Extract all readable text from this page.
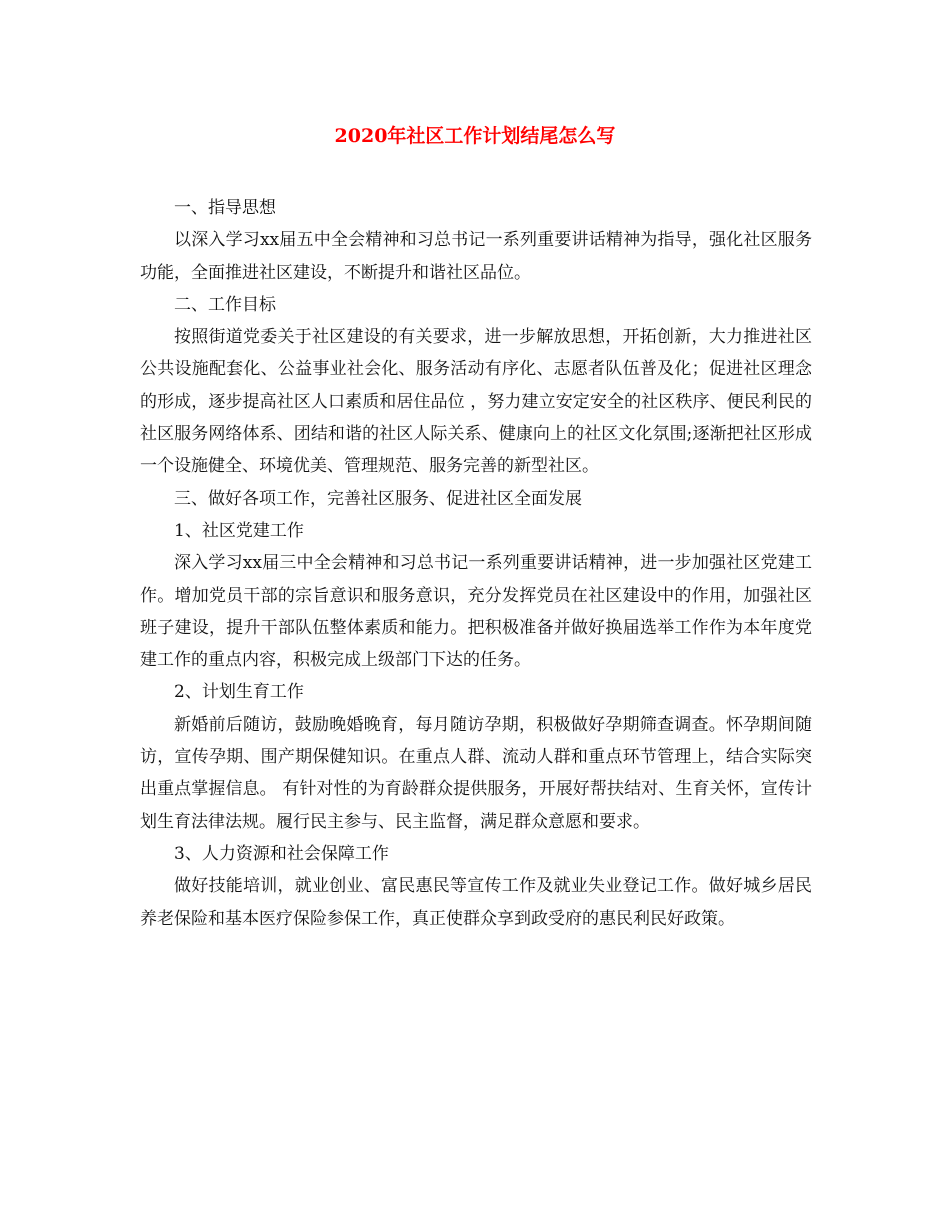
2020年社区工作计划结尾怎么写

一、指导思想

以深入学习xx届五中全会精神和习总书记一系列重要讲话精神为指导，强化社区服务功能，全面推进社区建设，不断提升和谐社区品位。

二、工作目标

按照街道党委关于社区建设的有关要求，进一步解放思想，开拓创新，大力推进社区公共设施配套化、公益事业社会化、服务活动有序化、志愿者队伍普及化；促进社区理念的形成，逐步提高社区人口素质和居住品位 ，努力建立安定安全的社区秩序、便民利民的社区服务网络体系、团结和谐的社区人际关系、健康向上的社区文化氛围;逐渐把社区形成一个设施健全、环境优美、管理规范、服务完善的新型社区。

三、做好各项工作，完善社区服务、促进社区全面发展

1、社区党建工作

深入学习xx届三中全会精神和习总书记一系列重要讲话精神，进一步加强社区党建工作。增加党员干部的宗旨意识和服务意识，充分发挥党员在社区建设中的作用，加强社区班子建设，提升干部队伍整体素质和能力。把积极准备并做好换届选举工作作为本年度党建工作的重点内容，积极完成上级部门下达的任务。

2、计划生育工作

新婚前后随访，鼓励晚婚晚育，每月随访孕期，积极做好孕期筛查调查。怀孕期间随访，宣传孕期、围产期保健知识。在重点人群、流动人群和重点环节管理上，结合实际突出重点掌握信息。 有针对性的为育龄群众提供服务，开展好帮扶结对、生育关怀，宣传计划生育法律法规。履行民主参与、民主监督，满足群众意愿和要求。

3、人力资源和社会保障工作

做好技能培训，就业创业、富民惠民等宣传工作及就业失业登记工作。做好城乡居民养老保险和基本医疗保险参保工作，真正使群众享到政受府的惠民利民好政策。
